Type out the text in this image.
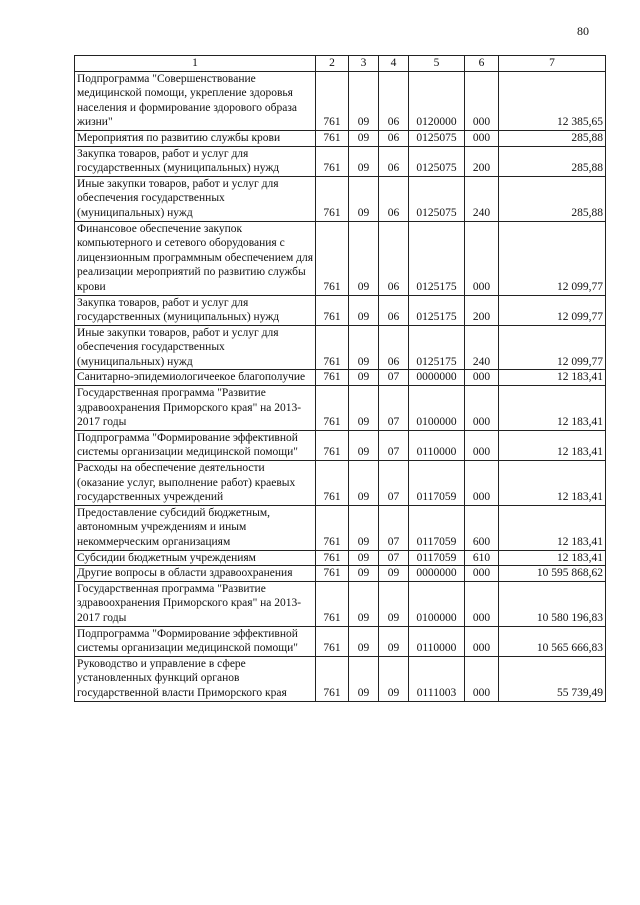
80
1	2	3	4	5	6	7
Подпрограмма "Совершенствование медицинской помощи, укрепление здоровья населения и формирование здорового образа жизни"	761	09	06	0120000	000	12 385,65
Мероприятия по развитию службы крови	761	09	06	0125075	000	285,88
Закупка товаров, работ и услуг для государственных (муниципальных) нужд	761	09	06	0125075	200	285,88
Иные закупки товаров, работ и услуг для обеспечения государственных (муниципальных) нужд	761	09	06	0125075	240	285,88
Финансовое обеспечение закупок компьютерного и сетевого оборудования с лицензионным программным обеспечением для реализации мероприятий по развитию службы крови	761	09	06	0125175	000	12 099,77
Закупка товаров, работ и услуг для государственных (муниципальных) нужд	761	09	06	0125175	200	12 099,77
Иные закупки товаров, работ и услуг для обеспечения государственных (муниципальных) нужд	761	09	06	0125175	240	12 099,77
Санитарно-эпидемиологичеекое благополучие	761	09	07	0000000	000	12 183,41
Государственная программа "Развитие здравоохранения Приморского края" на 2013-2017 годы	761	09	07	0100000	000	12 183,41
Подпрограмма "Формирование эффективной системы организации медицинской помощи"	761	09	07	0110000	000	12 183,41
Расходы на обеспечение деятельности (оказание услуг, выполнение работ) краевых государственных учреждений	761	09	07	0117059	000	12 183,41
Предоставление субсидий бюджетным, автономным учреждениям и иным некоммерческим организациям	761	09	07	0117059	600	12 183,41
Субсидии бюджетным учреждениям	761	09	07	0117059	610	12 183,41
Другие вопросы в области здравоохранения	761	09	09	0000000	000	10 595 868,62
Государственная программа "Развитие здравоохранения Приморского края" на 2013-2017 годы	761	09	09	0100000	000	10 580 196,83
Подпрограмма "Формирование эффективной системы организации медицинской помощи"	761	09	09	0110000	000	10 565 666,83
Руководство и управление в сфере установленных функций органов государственной власти Приморского края	761	09	09	0111003	000	55 739,49
